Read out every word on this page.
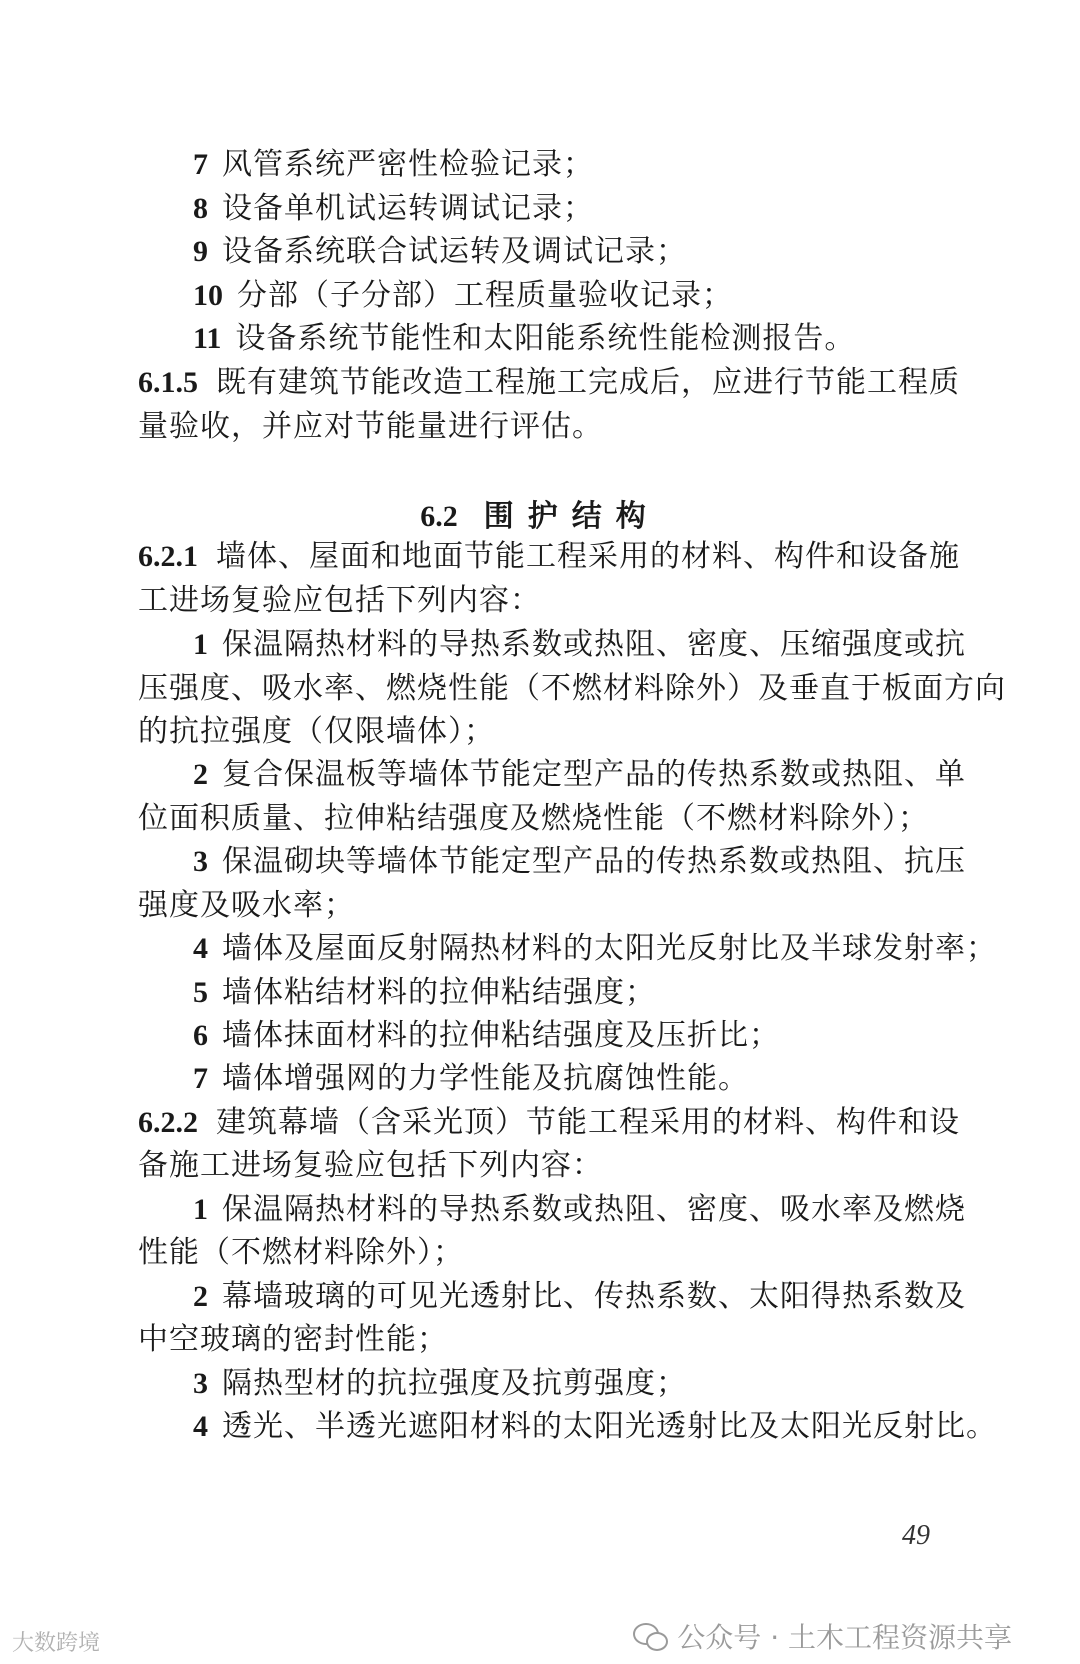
7 风管系统严密性检验记录；
8 设备单机试运转调试记录；
9 设备系统联合试运转及调试记录；
10 分部（子分部）工程质量验收记录；
11 设备系统节能性和太阳能系统性能检测报告。
6.1.5 既有建筑节能改造工程施工完成后，应进行节能工程质
量验收，并应对节能量进行评估。
6.2 围护结构
6.2.1 墙体、屋面和地面节能工程采用的材料、构件和设备施
工进场复验应包括下列内容：
1 保温隔热材料的导热系数或热阻、密度、压缩强度或抗
压强度、吸水率、燃烧性能（不燃材料除外）及垂直于板面方向
的抗拉强度（仅限墙体）；
2 复合保温板等墙体节能定型产品的传热系数或热阻、单
位面积质量、拉伸粘结强度及燃烧性能（不燃材料除外）；
3 保温砌块等墙体节能定型产品的传热系数或热阻、抗压
强度及吸水率；
4 墙体及屋面反射隔热材料的太阳光反射比及半球发射率；
5 墙体粘结材料的拉伸粘结强度；
6 墙体抹面材料的拉伸粘结强度及压折比；
7 墙体增强网的力学性能及抗腐蚀性能。
6.2.2 建筑幕墙（含采光顶）节能工程采用的材料、构件和设
备施工进场复验应包括下列内容：
1 保温隔热材料的导热系数或热阻、密度、吸水率及燃烧
性能（不燃材料除外）；
2 幕墙玻璃的可见光透射比、传热系数、太阳得热系数及
中空玻璃的密封性能；
3 隔热型材的抗拉强度及抗剪强度；
4 透光、半透光遮阳材料的太阳光透射比及太阳光反射比。
49
大数跨境	公众号 · 土木工程资源共享
